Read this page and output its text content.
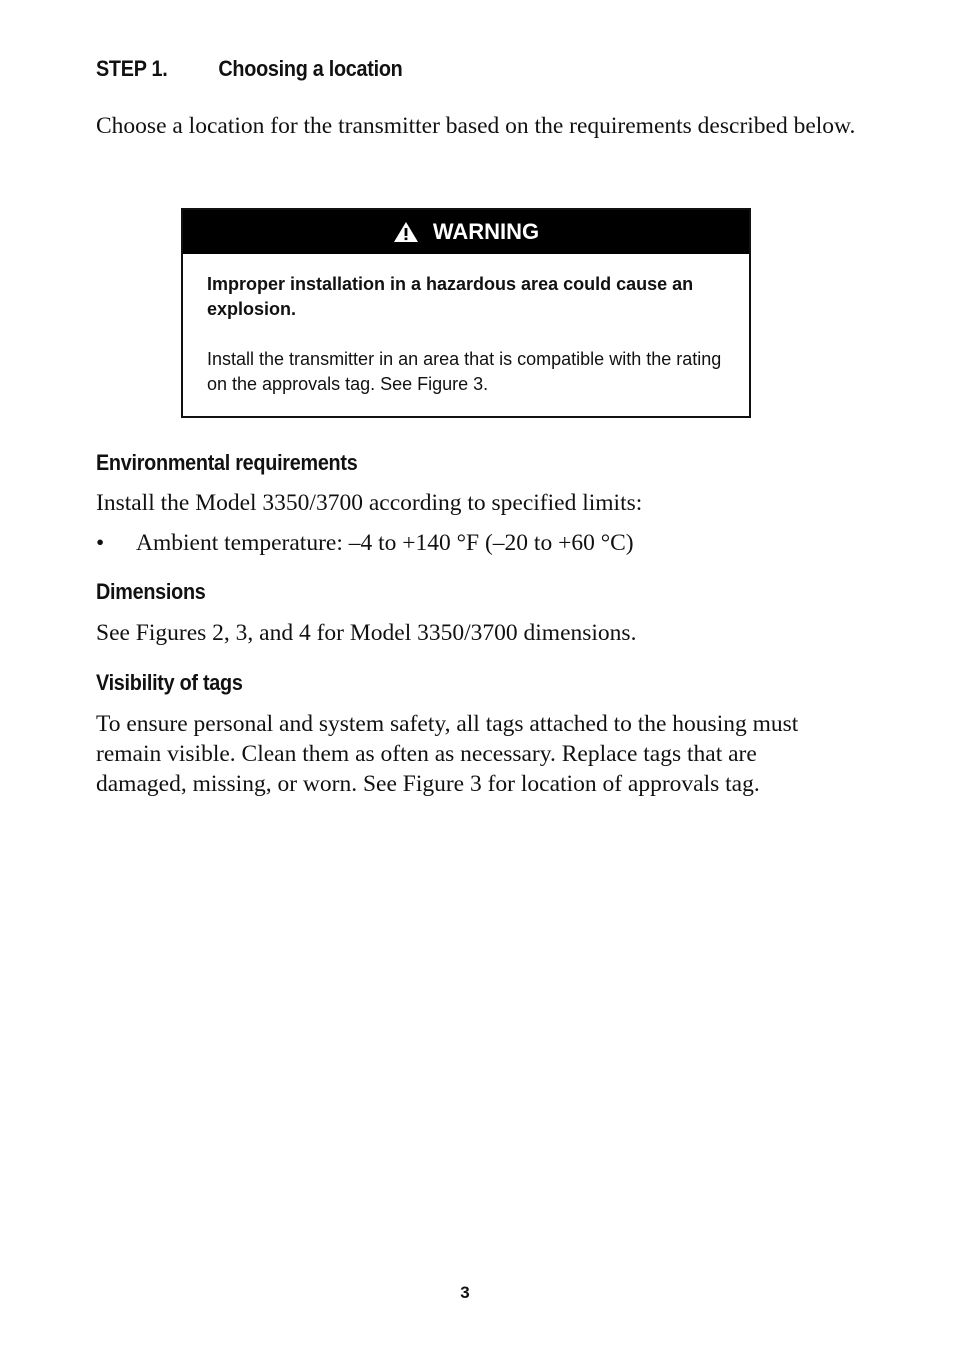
STEP 1. Choosing a location
Choose a location for the transmitter based on the requirements described below.
WARNING

Improper installation in a hazardous area could cause an explosion.

Install the transmitter in an area that is compatible with the rating on the approvals tag. See Figure 3.

Environmental requirements
Install the Model 3350/3700 according to specified limits:
• Ambient temperature: –4 to +140 °F (–20 to +60 °C)
Dimensions
See Figures 2, 3, and 4 for Model 3350/3700 dimensions.
Visibility of tags
To ensure personal and system safety, all tags attached to the housing must remain visible. Clean them as often as necessary. Replace tags that are damaged, missing, or worn. See Figure 3 for location of approvals tag.
3
